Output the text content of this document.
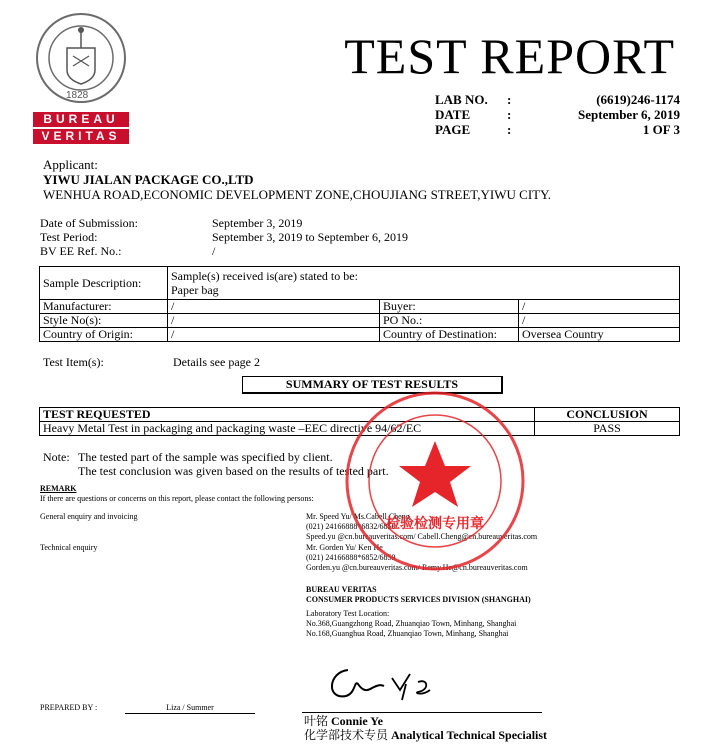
1828
BUREAU
VERITAS
TEST REPORT
LAB NO.	:	(6619)246-1174
DATE	:	September 6, 2019
PAGE	:	1 OF 3
Applicant:
YIWU JIALAN PACKAGE CO.,LTD
WENHUA ROAD,ECONOMIC DEVELOPMENT ZONE,CHOUJIANG STREET,YIWU CITY.
Date of Submission:	September 3, 2019
Test Period:	September 3, 2019 to September 6, 2019
BV EE Ref. No.:	/
Sample Description:	Sample(s) received is(are) stated to be:
Paper bag		

Manufacturer:	/	Buyer:	/
Style No(s):	/	PO No.:	/
Country of Origin:	/	Country of Destination:	Oversea Country
Test Item(s):	Details see page 2
SUMMARY OF TEST RESULTS
TEST REQUESTED	CONCLUSION
Heavy Metal Test in packaging and packaging waste –EEC directive 94/62/EC	PASS
Note: The tested part of the sample was specified by client.
The test conclusion was given based on the results of tested part.
REMARK
If there are questions or concerns on this report, please contact the following persons:
General enquiry and invoicing	Mr. Speed Yu/ Ms.Cabell Cheng
(021) 24166888*6832/6850
Speed.yu @cn.bureauveritas.com/ Cabell.Cheng@cn.bureauveritas.com
Technical enquiry	Mr. Gorden Yu/ Ken He
(021) 24166888*6852/6859
Gorden.yu @cn.bureauveritas.com/ Remy.He@cn.bureauveritas.com
BUREAU VERITAS
CONSUMER PRODUCTS SERVICES DIVISION (SHANGHAI)
Laboratory Test Location:
No.368,Guangzhong Road, Zhuanqiao Town, Minhang, Shanghai
No.168,Guanghua Road, Zhuanqiao Town, Minhang, Shanghai
检验检测专用章
叶铭 Connie Ye
化学部技术专员 Analytical Technical Specialist
PREPARED BY :	Liza / Summer
